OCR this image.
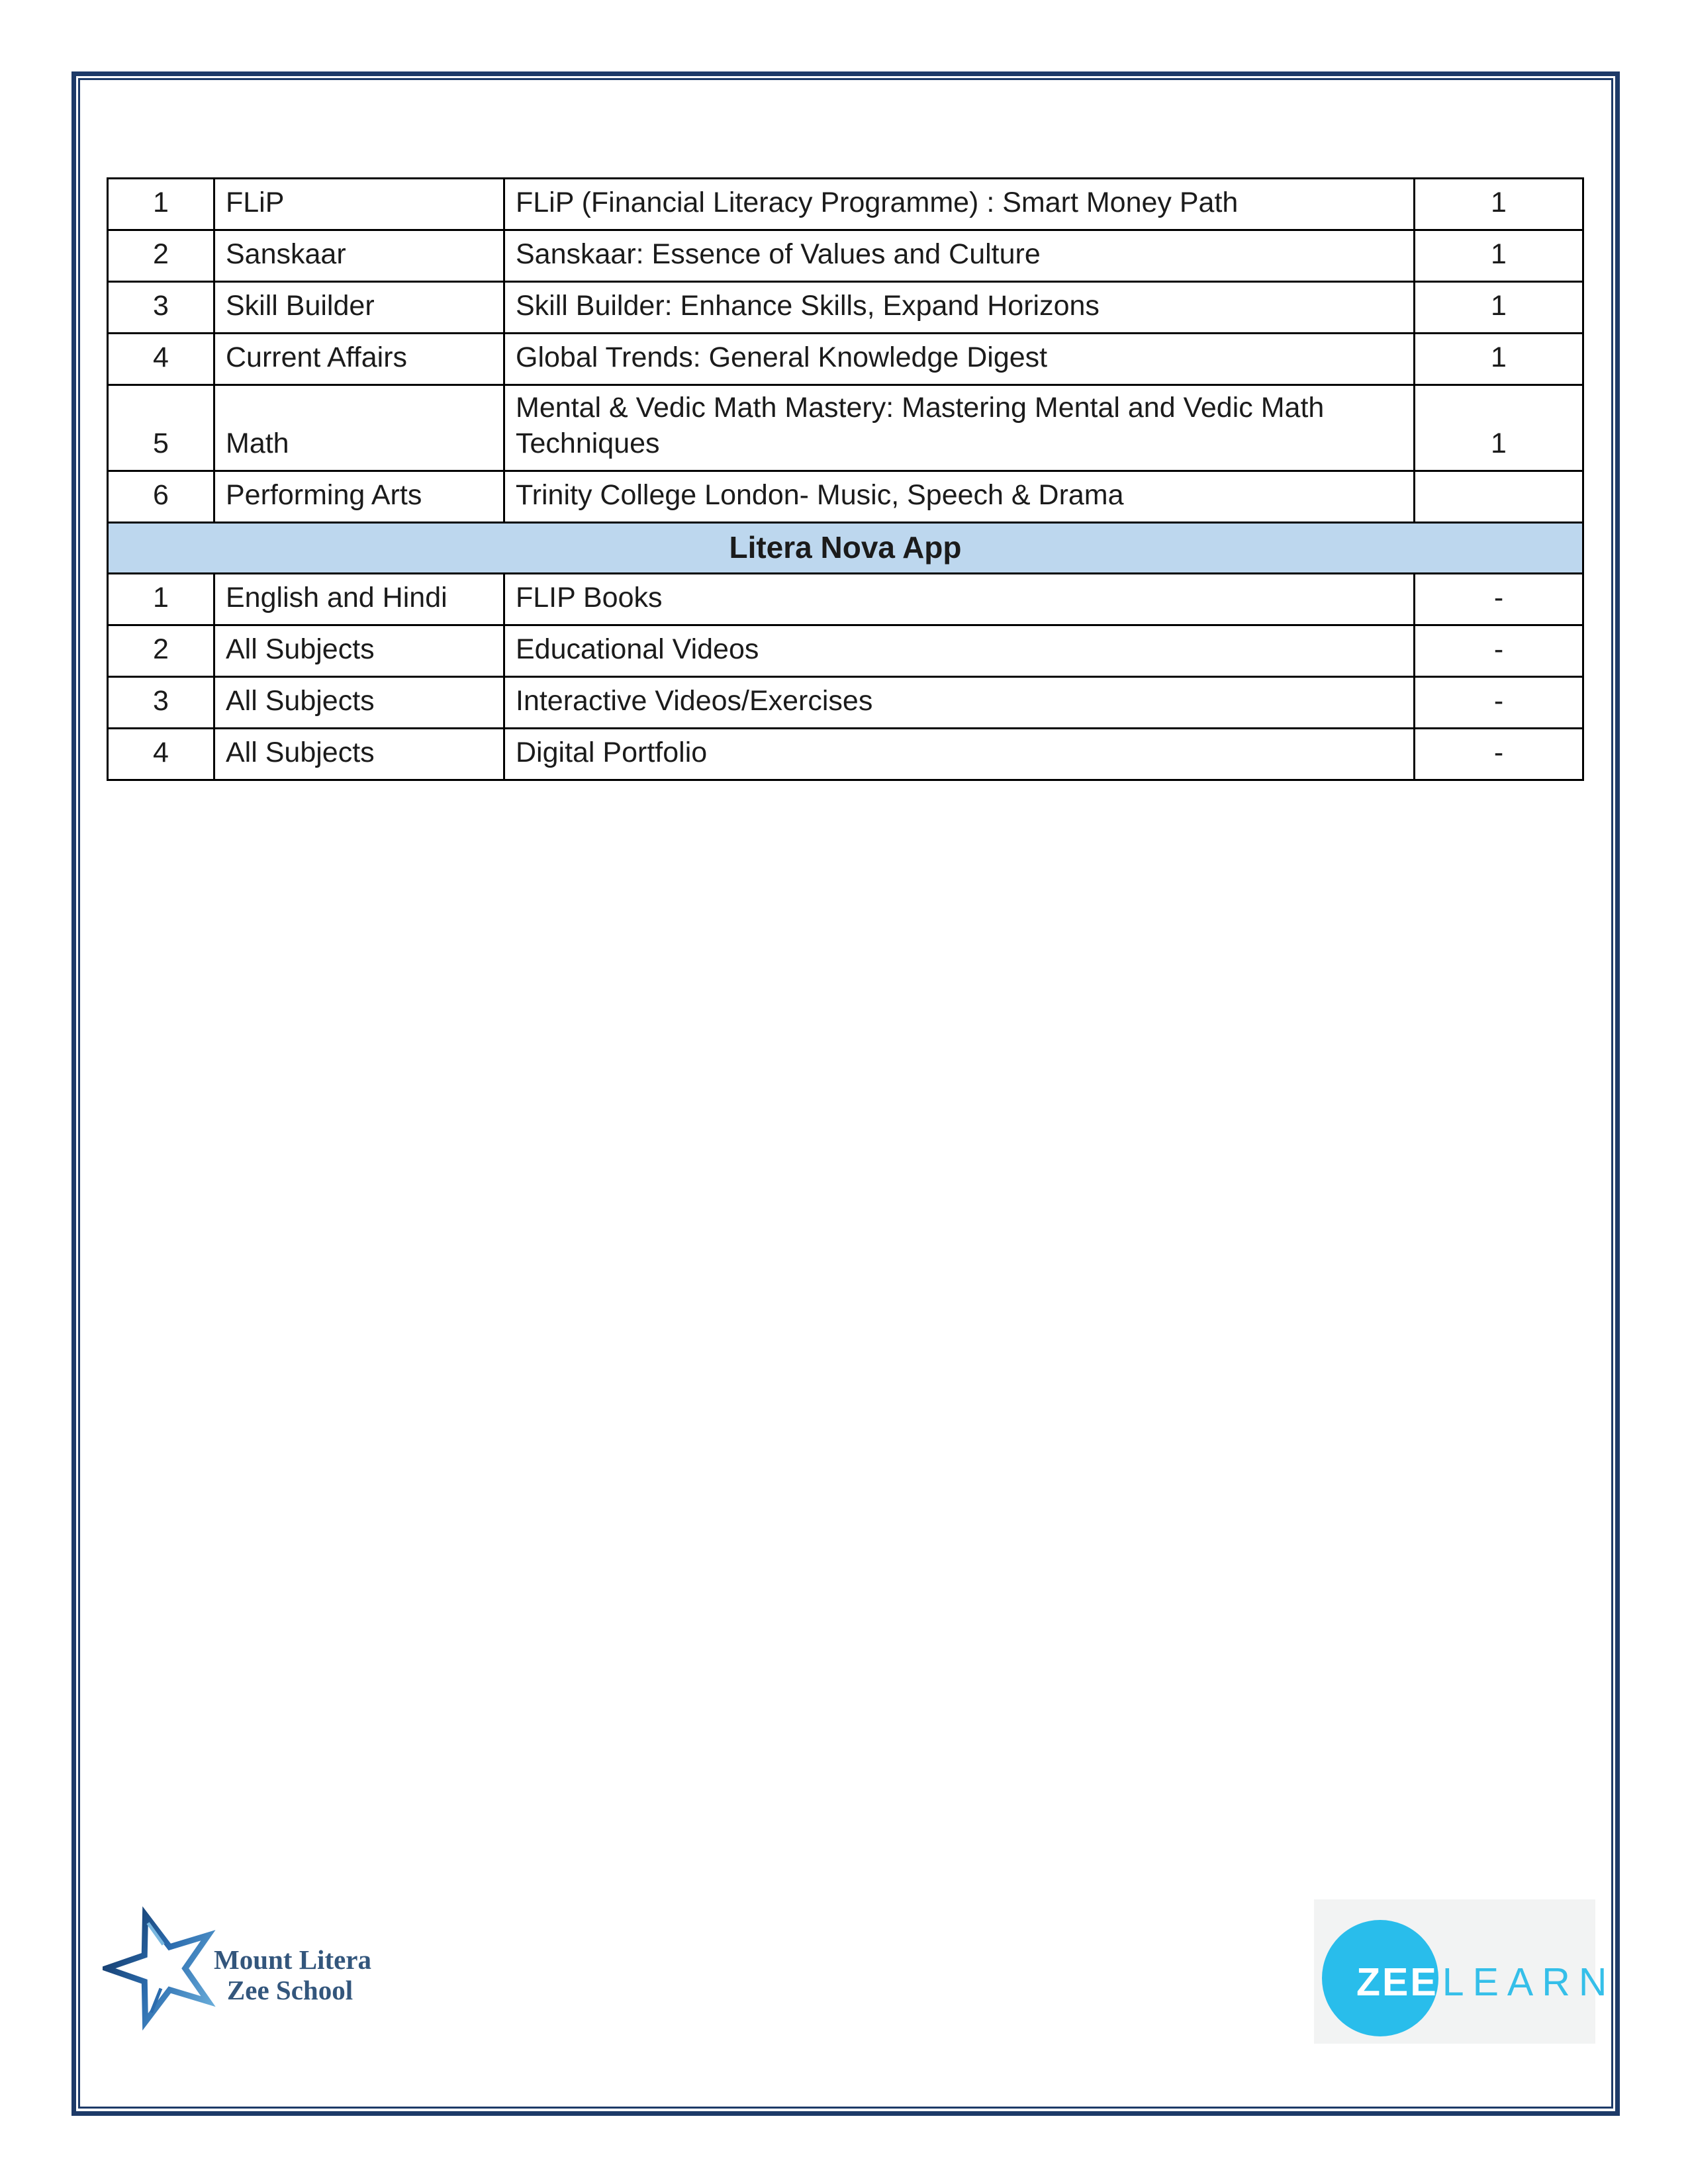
1	FLiP	FLiP (Financial Literacy Programme) : Smart Money Path	1
2	Sanskaar	Sanskaar: Essence of Values and Culture	1
3	Skill Builder	Skill Builder: Enhance Skills, Expand Horizons	1
4	Current Affairs	Global Trends: General Knowledge Digest	1
5	Math	Mental & Vedic Math Mastery: Mastering Mental and Vedic Math Techniques	1
6	Performing Arts	Trinity College London- Music, Speech & Drama	
Litera Nova App			
1	English and Hindi	FLIP Books	-
2	All Subjects	Educational Videos	-
3	All Subjects	Interactive Videos/Exercises	-
4	All Subjects	Digital Portfolio	-
Mount Litera
Zee School	ZEE LEARN
